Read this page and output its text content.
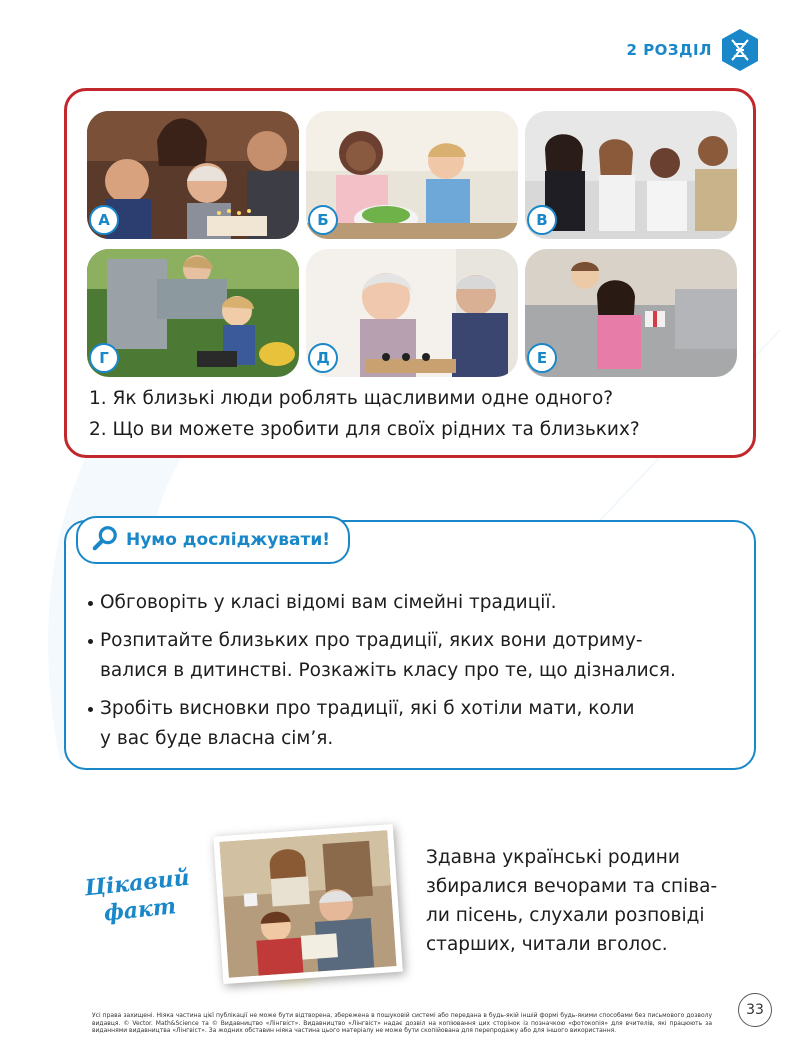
2 РОЗДІЛ
А	Б	В
Г	Д	Е
1. Як близькі люди роблять щасливими одне одного?
2. Що ви можете зробити для своїх рідних та близьких?
Нумо досліджувати!
Обговоріть у класі відомі вам сімейні традиції.
Розпитайте близьких про традиції, яких вони дотриму-
валися в дитинстві. Розкажіть класу про те, що дізналися.
Зробіть висновки про традиції, які б хотіли мати, коли
у вас буде власна сім’я.
Цікавий
факт
Здавна українські родини
збиралися вечорами та співа-
ли пісень, слухали розповіді
старших, читали вголос.
Усі права захищені. Ніяка частина цієї публікації не може бути відтворена, збережена в пошуковій системі або передана в будь-якій іншій формі будь-якими способами без письмового дозволу видавця. © Vector. Math&Science та © Видавництво «Лінгвіст». Видавництво «Лінгвіст» надає дозвіл на копіювання цих сторінок із позначкою «фотокопія» для вчителів, які працюють за виданнями видавництва «Лінгвіст». За жодних обставин ніяка частина цього матеріалу не може бути скопійована для перепродажу або для іншого використання.
33
